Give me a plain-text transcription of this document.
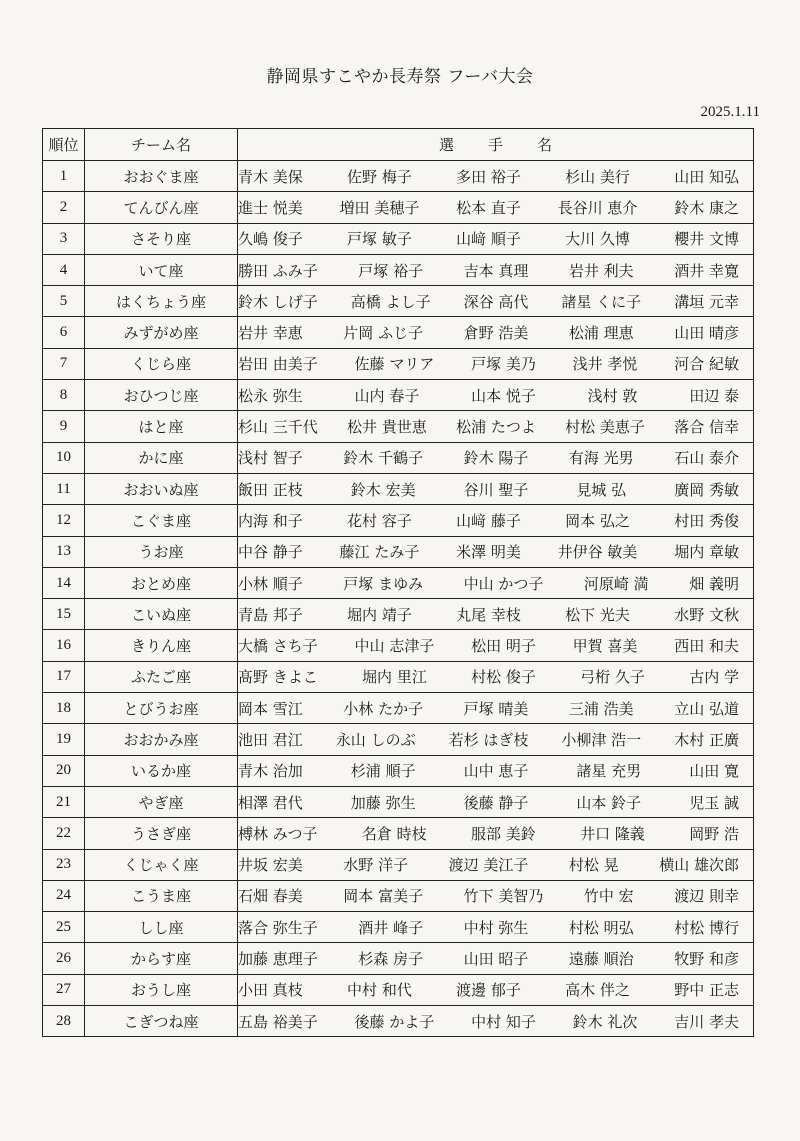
静岡県すこやか長寿祭 フーバ大会
2025.1.11
順位	チーム名	選手名
1	おおぐま座	青木 美保 佐野 梅子 多田 裕子 杉山 美行 山田 知弘

2	てんびん座	進士 悦美 増田 美穂子 松本 直子 長谷川 恵介 鈴木 康之

3	さそり座	久嶋 俊子 戸塚 敏子 山﨑 順子 大川 久博 櫻井 文博

4	いて座	勝田 ふみ子 戸塚 裕子 吉本 真理 岩井 利夫 酒井 幸寛

5	はくちょう座	鈴木 しげ子 高橋 よし子 深谷 高代 諸星 くに子 溝垣 元幸

6	みずがめ座	岩井 幸恵 片岡 ふじ子 倉野 浩美 松浦 理恵 山田 晴彦

7	くじら座	岩田 由美子 佐藤 マリア 戸塚 美乃 浅井 孝悦 河合 紀敏

8	おひつじ座	松永 弥生 山内 春子 山本 悦子 浅村 敦 田辺 泰

9	はと座	杉山 三千代 松井 貴世恵 松浦 たつよ 村松 美恵子 落合 信幸

10	かに座	浅村 智子 鈴木 千鶴子 鈴木 陽子 有海 光男 石山 泰介

11	おおいぬ座	飯田 正枝 鈴木 宏美 谷川 聖子 見城 弘 廣岡 秀敏

12	こぐま座	内海 和子 花村 容子 山﨑 藤子 岡本 弘之 村田 秀俊

13	うお座	中谷 静子 藤江 たみ子 米澤 明美 井伊谷 敏美 堀内 章敏

14	おとめ座	小林 順子 戸塚 まゆみ 中山 かつ子 河原崎 満 畑 義明

15	こいぬ座	青島 邦子 堀内 靖子 丸尾 幸枝 松下 光夫 水野 文秋

16	きりん座	大橋 さち子 中山 志津子 松田 明子 甲賀 喜美 西田 和夫

17	ふたご座	髙野 きよこ 堀内 里江 村松 俊子 弓桁 久子 古内 学

18	とびうお座	岡本 雪江 小林 たか子 戸塚 晴美 三浦 浩美 立山 弘道

19	おおかみ座	池田 君江 永山 しのぶ 若杉 はぎ枝 小柳津 浩一 木村 正廣

20	いるか座	青木 治加 杉浦 順子 山中 恵子 諸星 充男 山田 寛

21	やぎ座	相澤 君代 加藤 弥生 後藤 静子 山本 鈴子 児玉 誠

22	うさぎ座	榑林 みつ子 名倉 時枝 服部 美鈴 井口 隆義 岡野 浩

23	くじゃく座	井坂 宏美 水野 洋子 渡辺 美江子 村松 晃 横山 雄次郎

24	こうま座	石畑 春美 岡本 富美子 竹下 美智乃 竹中 宏 渡辺 則幸

25	しし座	落合 弥生子 酒井 峰子 中村 弥生 村松 明弘 村松 博行

26	からす座	加藤 恵理子 杉森 房子 山田 昭子 遠藤 順治 牧野 和彦

27	おうし座	小田 真枝 中村 和代 渡邊 郁子 高木 伴之 野中 正志

28	こぎつね座	五島 裕美子 後藤 かよ子 中村 知子 鈴木 礼次 吉川 孝夫
